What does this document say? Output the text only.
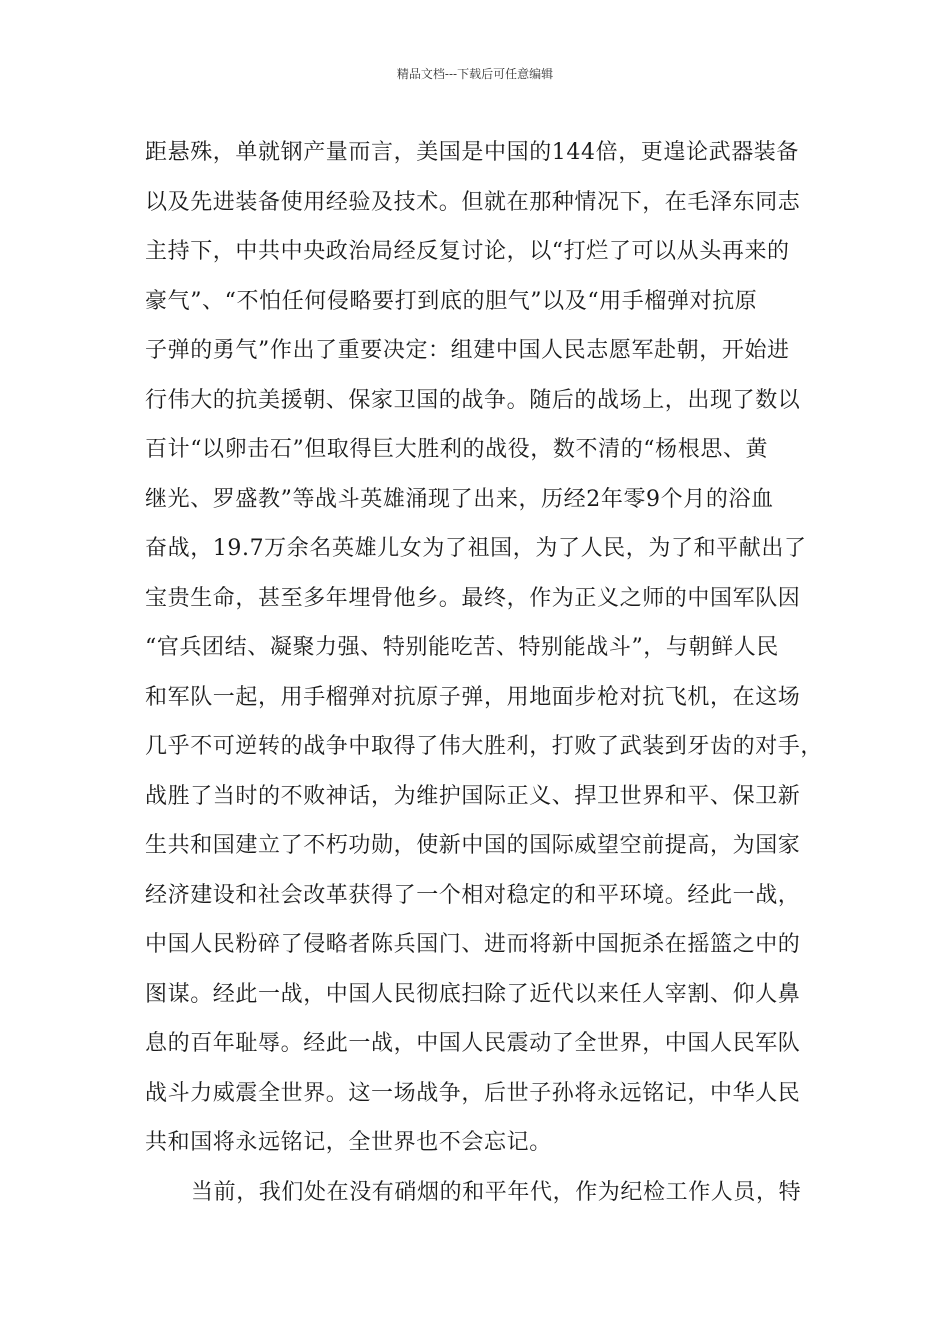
精品文档---下载后可任意编辑
距悬殊，单就钢产量而言，美国是中国的144倍，更遑论武器装备
以及先进装备使用经验及技术。但就在那种情况下，在毛泽东同志
主持下，中共中央政治局经反复讨论，以“打烂了可以从头再来的
豪气”、“不怕任何侵略要打到底的胆气”以及“用手榴弹对抗原
子弹的勇气”作出了重要决定：组建中国人民志愿军赴朝，开始进
行伟大的抗美援朝、保家卫国的战争。随后的战场上，出现了数以
百计“以卵击石”但取得巨大胜利的战役，数不清的“杨根思、黄
继光、罗盛教”等战斗英雄涌现了出来，历经2年零9个月的浴血
奋战，19.7万余名英雄儿女为了祖国，为了人民，为了和平献出了
宝贵生命，甚至多年埋骨他乡。最终，作为正义之师的中国军队因
“官兵团结、凝聚力强、特别能吃苦、特别能战斗”，与朝鲜人民
和军队一起，用手榴弹对抗原子弹，用地面步枪对抗飞机，在这场
几乎不可逆转的战争中取得了伟大胜利，打败了武装到牙齿的对手，
战胜了当时的不败神话，为维护国际正义、捍卫世界和平、保卫新
生共和国建立了不朽功勋，使新中国的国际威望空前提高，为国家
经济建设和社会改革获得了一个相对稳定的和平环境。经此一战，
中国人民粉碎了侵略者陈兵国门、进而将新中国扼杀在摇篮之中的
图谋。经此一战，中国人民彻底扫除了近代以来任人宰割、仰人鼻
息的百年耻辱。经此一战，中国人民震动了全世界，中国人民军队
战斗力威震全世界。这一场战争，后世子孙将永远铭记，中华人民
共和国将永远铭记，全世界也不会忘记。
当前，我们处在没有硝烟的和平年代，作为纪检工作人员，特
